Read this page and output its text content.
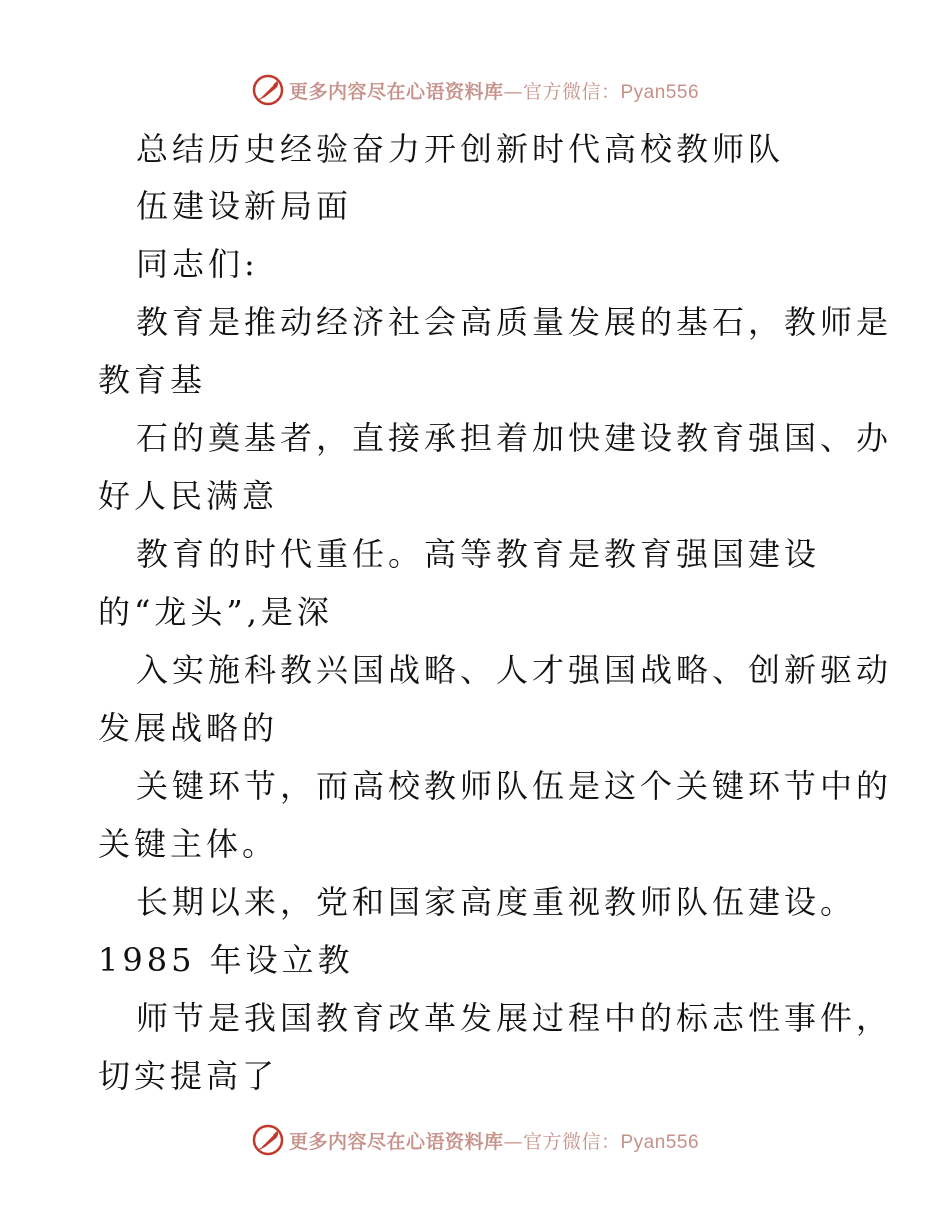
更多内容尽在心语资料库—官方微信：Pyan556
总结历史经验奋力开创新时代高校教师队
伍建设新局面
同志们:
教育是推动经济社会高质量发展的基石，教师是
教育基
石的奠基者，直接承担着加快建设教育强国、办
好人民满意
教育的时代重任。高等教育是教育强国建设
的“龙头”,是深
入实施科教兴国战略、人才强国战略、创新驱动
发展战略的
关键环节，而高校教师队伍是这个关键环节中的
关键主体。
长期以来，党和国家高度重视教师队伍建设。
1985 年设立教
师节是我国教育改革发展过程中的标志性事件，
切实提高了
更多内容尽在心语资料库—官方微信：Pyan556
